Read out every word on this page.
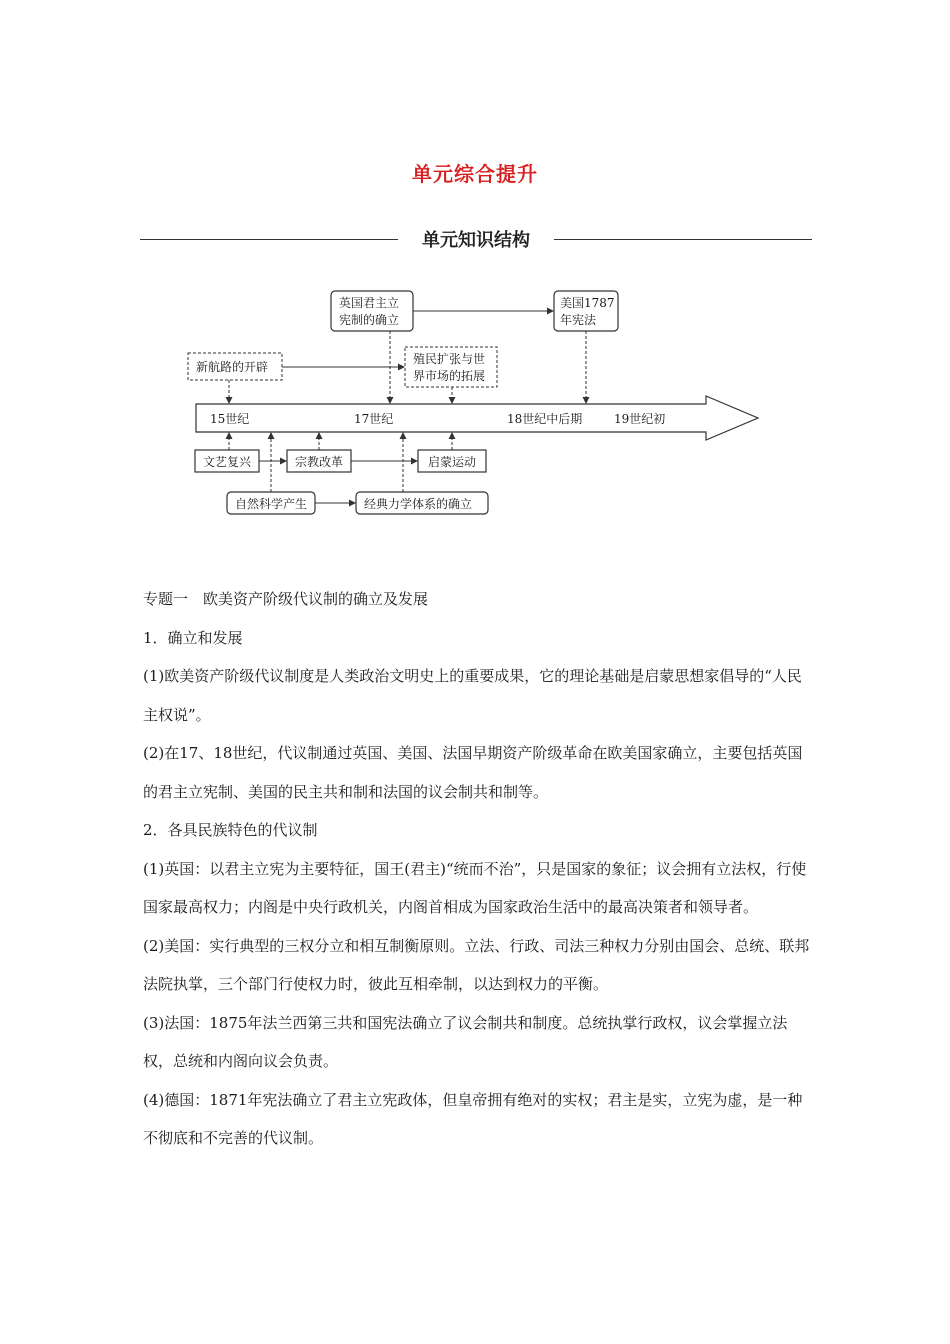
单元综合提升
单元知识结构
15世纪	17世纪	18世纪中后期	19世纪初
英国君主立
宪制的确立
美国1787
年宪法
新航路的开辟
殖民扩张与世
界市场的拓展
文艺复兴	宗教改革	启蒙运动
自然科学产生	经典力学体系的确立

专题一　欧美资产阶级代议制的确立及发展

1．确立和发展

(1)欧美资产阶级代议制度是人类政治文明史上的重要成果，它的理论基础是启蒙思想家倡导的“人民主权说”。

(2)在17、18世纪，代议制通过英国、美国、法国早期资产阶级革命在欧美国家确立，主要包括英国的君主立宪制、美国的民主共和制和法国的议会制共和制等。

2．各具民族特色的代议制

(1)英国：以君主立宪为主要特征，国王(君主)“统而不治”，只是国家的象征；议会拥有立法权，行使国家最高权力；内阁是中央行政机关，内阁首相成为国家政治生活中的最高决策者和领导者。

(2)美国：实行典型的三权分立和相互制衡原则。立法、行政、司法三种权力分别由国会、总统、联邦法院执掌，三个部门行使权力时，彼此互相牵制，以达到权力的平衡。

(3)法国：1875年法兰西第三共和国宪法确立了议会制共和制度。总统执掌行政权，议会掌握立法权，总统和内阁向议会负责。

(4)德国：1871年宪法确立了君主立宪政体，但皇帝拥有绝对的实权；君主是实，立宪为虚，是一种不彻底和不完善的代议制。
